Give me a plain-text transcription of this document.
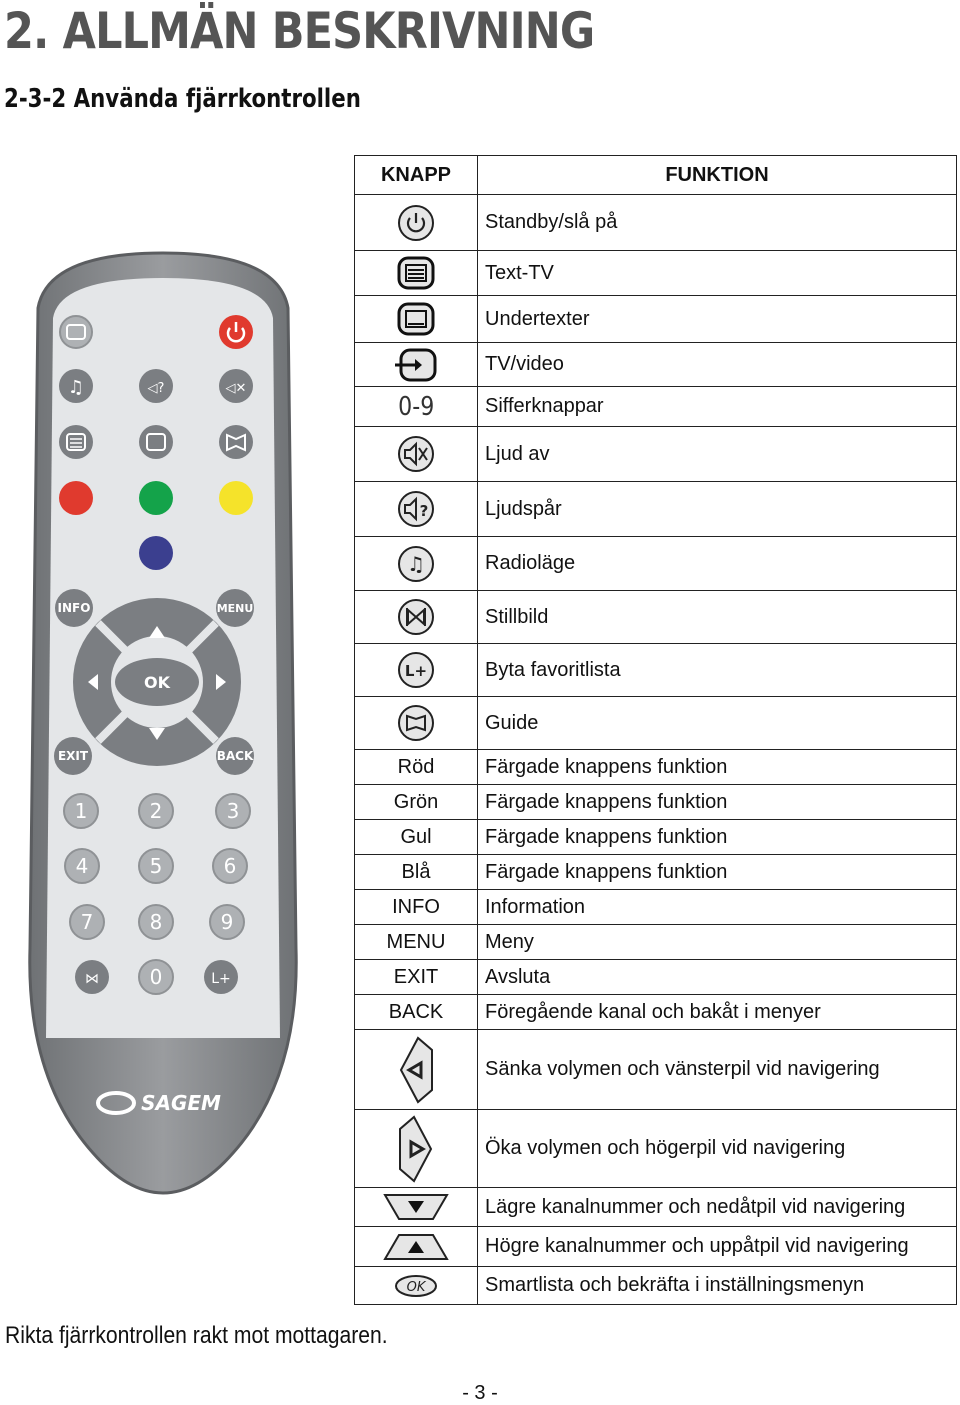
2. ALLMÄN BESKRIVNING
2-3-2 Använda fjärrkontrollen
♫	◁?	◁✕
INFO	MENU
OK
EXIT	BACK
1	2	3
4	5	6
7	8	9
⋈	0	L+
SAGEM
KNAPP	FUNKTION

	Standby/slå på

	Text-TV

	Undertexter

	TV/video
0-9	Sifferknappar

	Ljud av

?	Ljudspår

♫	Radioläge

	Stillbild

L+	Byta favoritlista

	Guide
Röd	Färgade knappens funktion
Grön	Färgade knappens funktion
Gul	Färgade knappens funktion
Blå	Färgade knappens funktion
INFO	Information
MENU	Meny
EXIT	Avsluta
BACK	Föregående kanal och bakåt i menyer

	Sänka volymen och vänsterpil vid navigering

	Öka volymen och högerpil vid navigering

	Lägre kanalnummer och nedåtpil vid navigering

	Högre kanalnummer och uppåtpil vid navigering

OK	Smartlista och bekräfta i inställningsmenyn
Rikta fjärrkontrollen rakt mot mottagaren.
- 3 -
